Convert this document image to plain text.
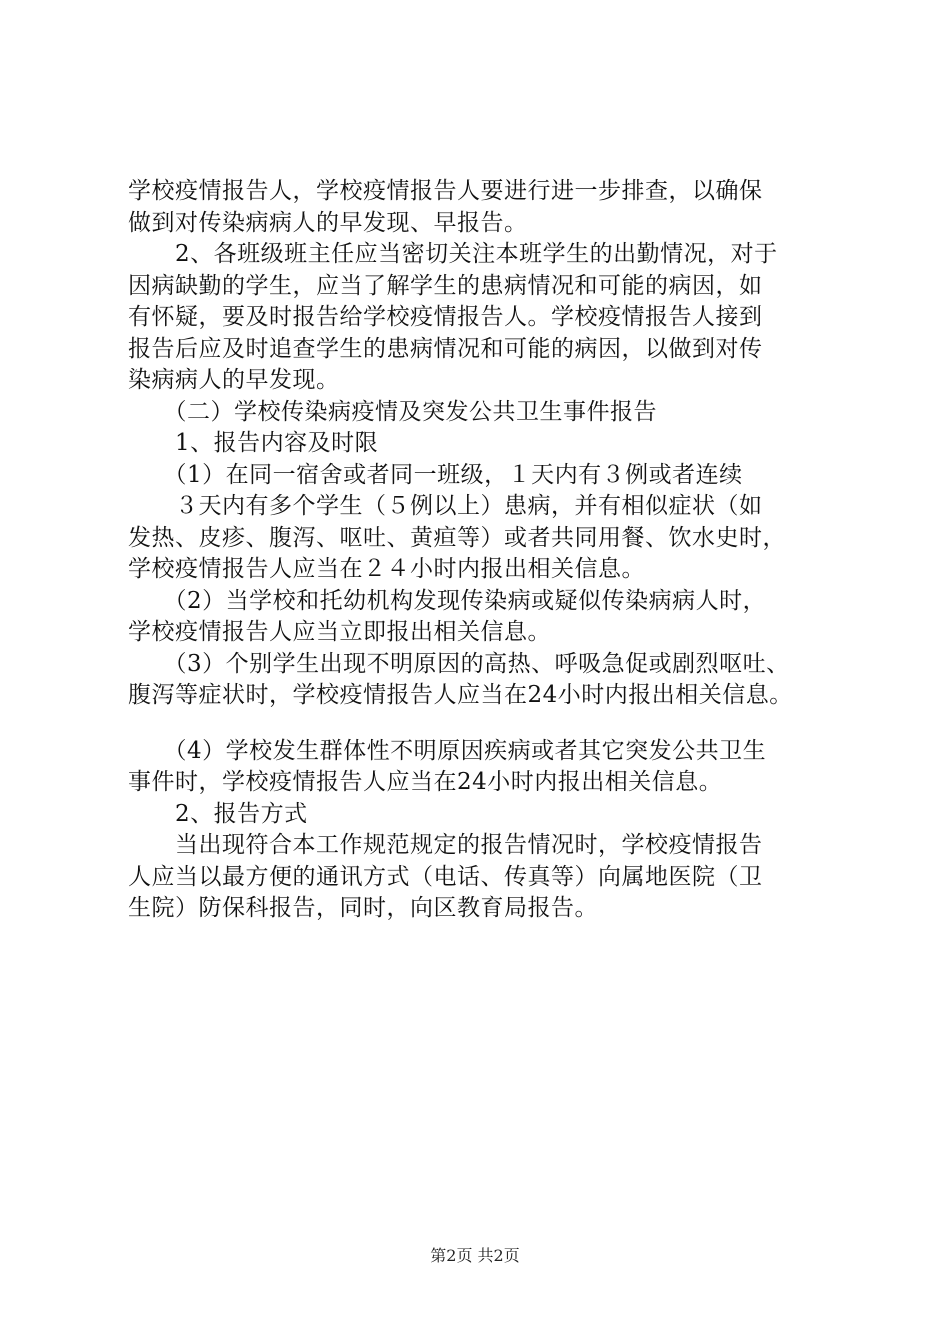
学校疫情报告人，学校疫情报告人要进行进一步排查，以确保
做到对传染病病人的早发现、早报告。
　　2、各班级班主任应当密切关注本班学生的出勤情况，对于
因病缺勤的学生，应当了解学生的患病情况和可能的病因，如
有怀疑，要及时报告给学校疫情报告人。学校疫情报告人接到
报告后应及时追查学生的患病情况和可能的病因，以做到对传
染病病人的早发现。
　　（二）学校传染病疫情及突发公共卫生事件报告
　　1、报告内容及时限
　　（1）在同一宿舍或者同一班级，１天内有３例或者连续
　　３天内有多个学生（５例以上）患病，并有相似症状（如
发热、皮疹、腹泻、呕吐、黄疸等）或者共同用餐、饮水史时，
学校疫情报告人应当在２４小时内报出相关信息。
　　（2）当学校和托幼机构发现传染病或疑似传染病病人时，
学校疫情报告人应当立即报出相关信息。
　　（3）个别学生出现不明原因的高热、呼吸急促或剧烈呕吐、
腹泻等症状时，学校疫情报告人应当在24小时内报出相关信息。
　　（4）学校发生群体性不明原因疾病或者其它突发公共卫生
事件时，学校疫情报告人应当在24小时内报出相关信息。
　　2、报告方式
　　当出现符合本工作规范规定的报告情况时，学校疫情报告
人应当以最方便的通讯方式（电话、传真等）向属地医院（卫
生院）防保科报告，同时，向区教育局报告。
第2页 共2页
